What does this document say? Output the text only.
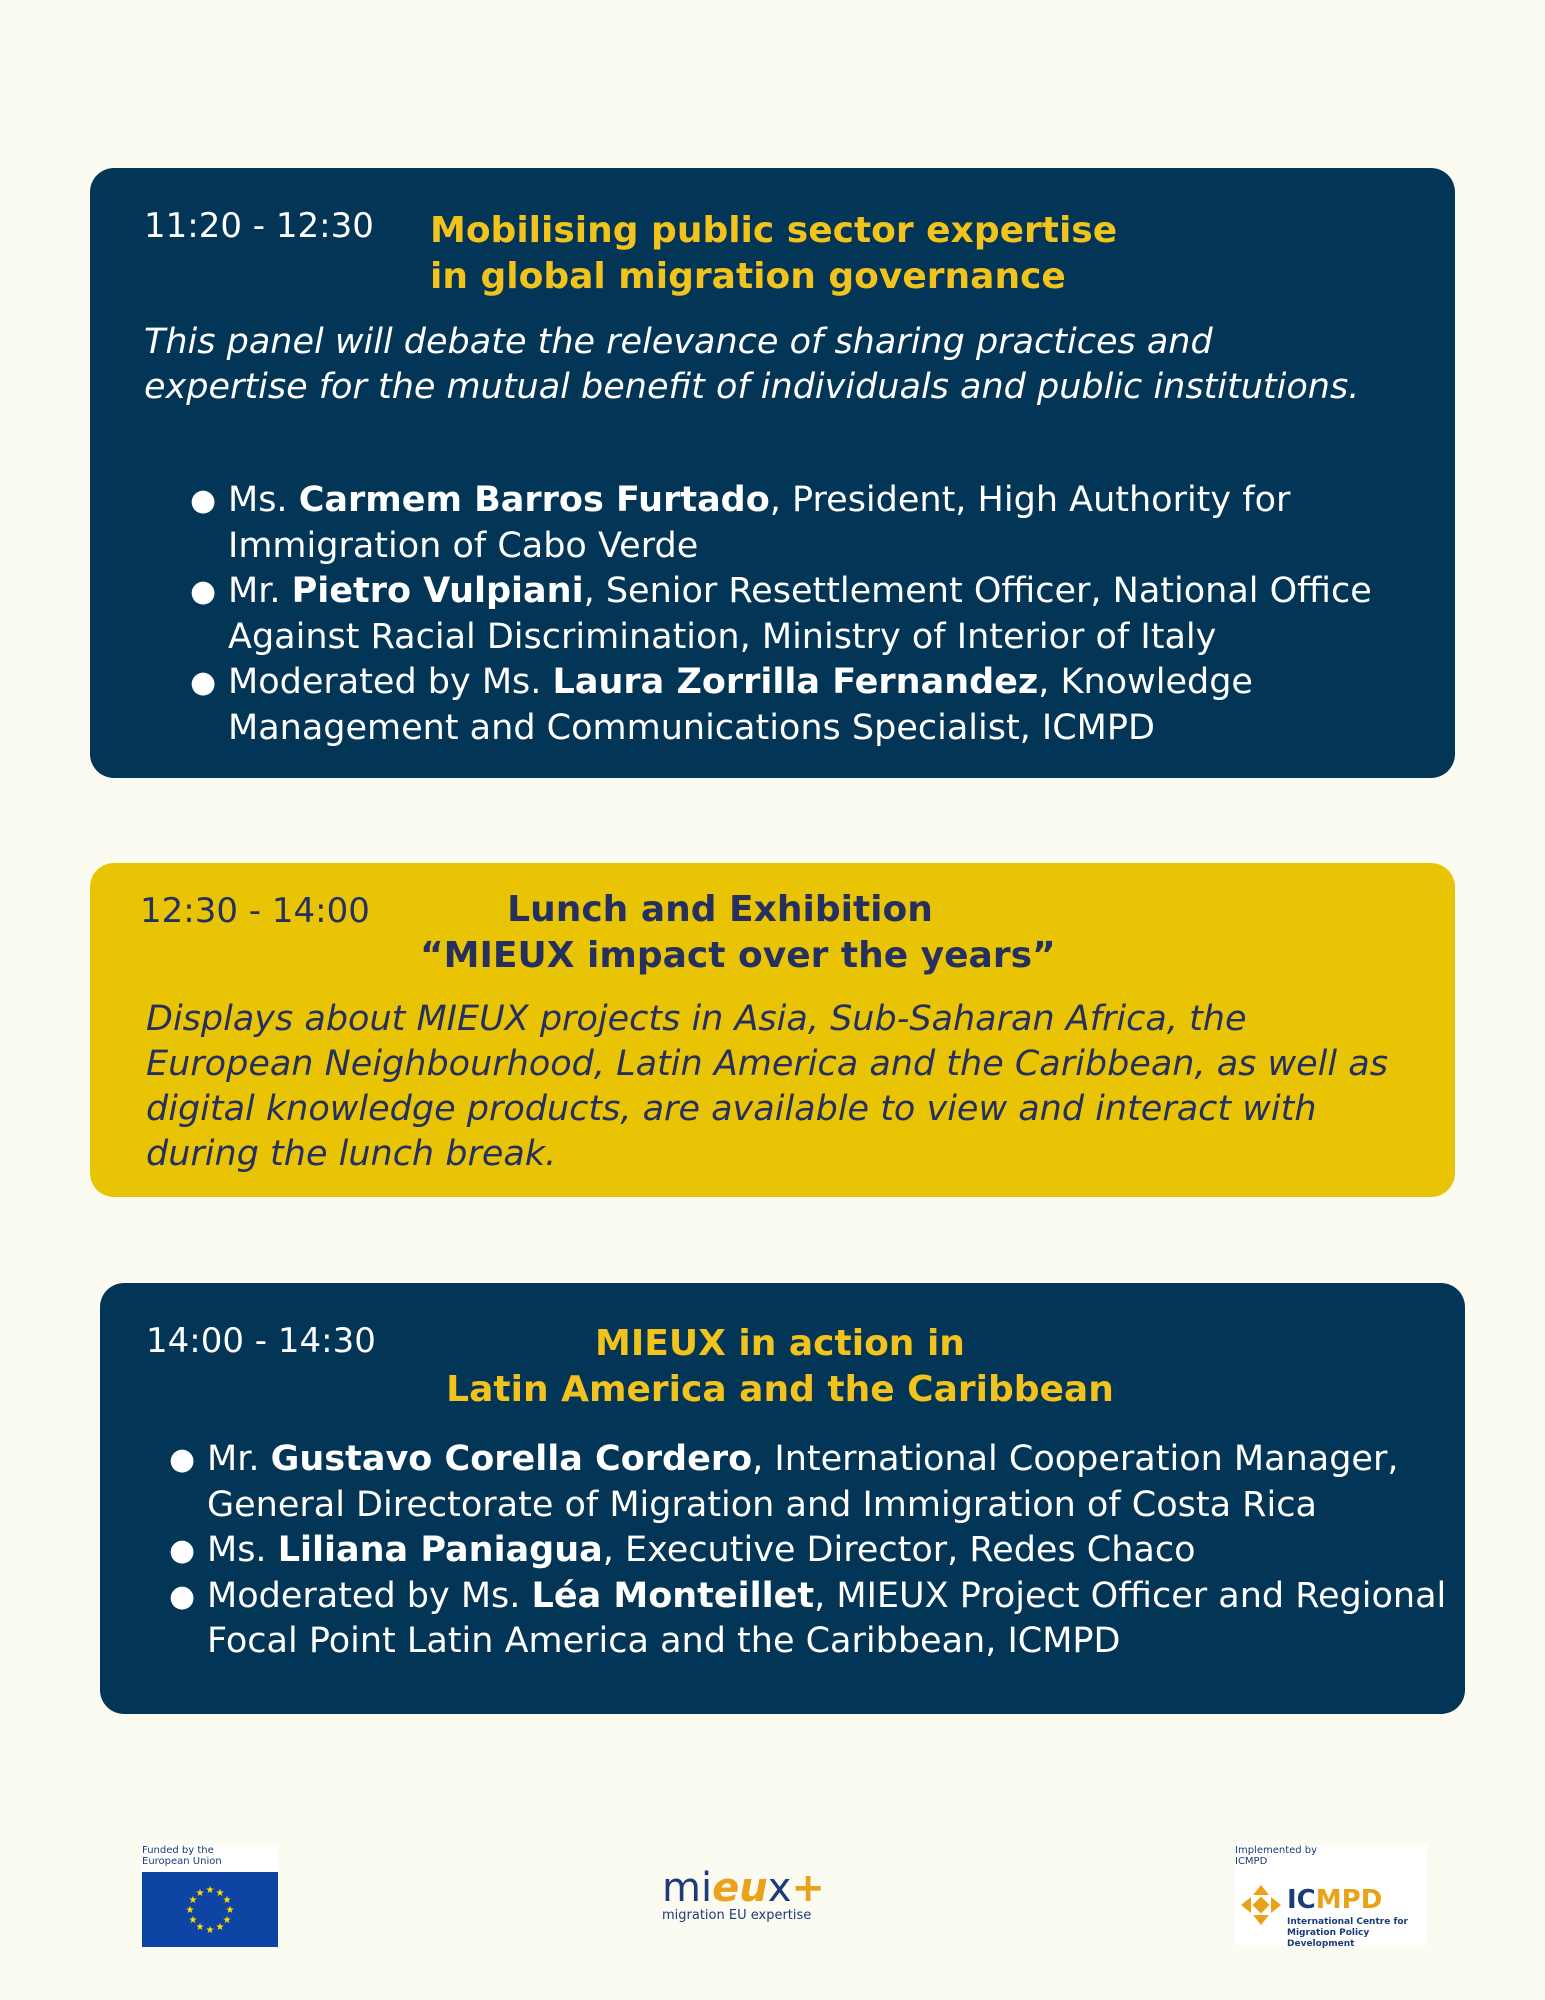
11:20 - 12:30 Mobilising public sector expertise
in global migration governance
This panel will debate the relevance of sharing practices and expertise for the mutual benefit of individuals and public institutions.
● Ms. Carmem Barros Furtado, President, High Authority for Immigration of Cabo Verde
● Mr. Pietro Vulpiani, Senior Resettlement Officer, National Office Against Racial Discrimination, Ministry of Interior of Italy
● Moderated by Ms. Laura Zorrilla Fernandez, Knowledge Management and Communications Specialist, ICMPD
12:30 - 14:00	Lunch and Exhibition
“MIEUX impact over the years”
Displays about MIEUX projects in Asia, Sub-Saharan Africa, the European Neighbourhood, Latin America and the Caribbean, as well as digital knowledge products, are available to view and interact with during the lunch break.
14:00 - 14:30	MIEUX in action in
Latin America and the Caribbean
● Mr. Gustavo Corella Cordero, International Cooperation Manager, General Directorate of Migration and Immigration of Costa Rica
● Ms. Liliana Paniagua, Executive Director, Redes Chaco
● Moderated by Ms. Léa Monteillet, MIEUX Project Officer and Regional Focal Point Latin America and the Caribbean, ICMPD
Funded by the European Union
★ ★
★
★
★
★
★
★
★
★
★
★	mieux+
migration EU expertise
Implemented by ICMPD
ICMPD
International Centre for Migration Policy Development
